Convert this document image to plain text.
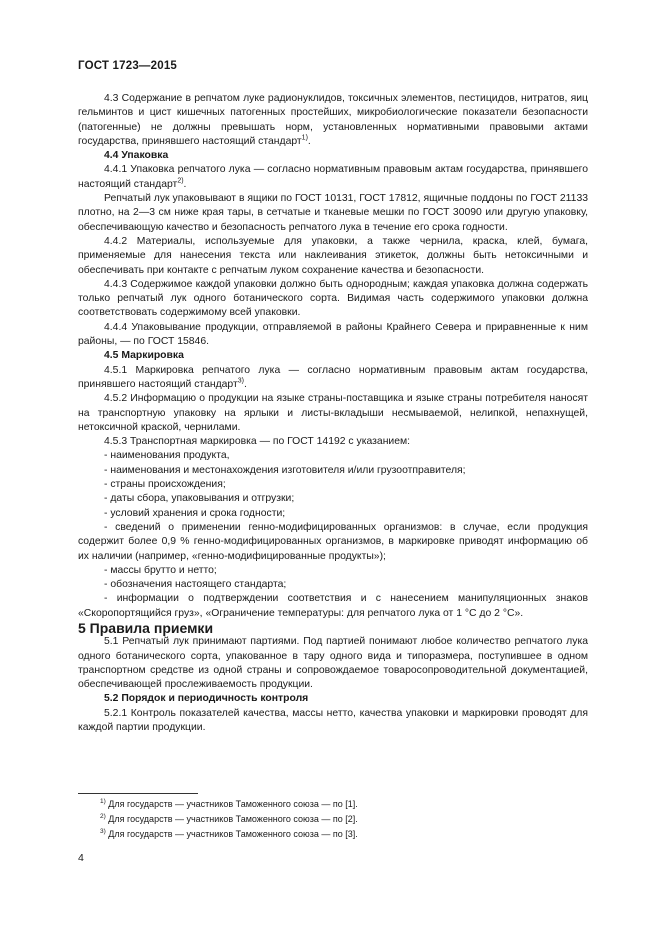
ГОСТ 1723—2015

4.3 Содержание в репчатом луке радионуклидов, токсичных элементов, пестицидов, нитратов, яиц гельминтов и цист кишечных патогенных простейших, микробиологические показатели безопасности (патогенные) не должны превышать норм, установленных нормативными правовыми актами государства, принявшего настоящий стандарт$^{1)}$.

4.4 Упаковка

4.4.1 Упаковка репчатого лука — согласно нормативным правовым актам государства, принявшего настоящий стандарт$^{2)}$.

Репчатый лук упаковывают в ящики по ГОСТ 10131, ГОСТ 17812, ящичные поддоны по ГОСТ 21133 плотно, на 2—3 см ниже края тары, в сетчатые и тканевые мешки по ГОСТ 30090 или другую упаковку, обеспечивающую качество и безопасность репчатого лука в течение его срока годности.

4.4.2 Материалы, используемые для упаковки, а также чернила, краска, клей, бумага, применяемые для нанесения текста или наклеивания этикеток, должны быть нетоксичными и обеспечивать при контакте с репчатым луком сохранение качества и безопасности.

4.4.3 Содержимое каждой упаковки должно быть однородным; каждая упаковка должна содержать только репчатый лук одного ботанического сорта. Видимая часть содержимого упаковки должна соответствовать содержимому всей упаковки.

4.4.4 Упаковывание продукции, отправляемой в районы Крайнего Севера и приравненные к ним районы, — по ГОСТ 15846.

4.5 Маркировка

4.5.1 Маркировка репчатого лука — согласно нормативным правовым актам государства, принявшего настоящий стандарт$^{3)}$.

4.5.2 Информацию о продукции на языке страны-поставщика и языке страны потребителя наносят на транспортную упаковку на ярлыки и листы-вкладыши несмываемой, нелипкой, непахнущей, нетоксичной краской, чернилами.

4.5.3 Транспортная маркировка — по ГОСТ 14192 с указанием:

- наименования продукта,

- наименования и местонахождения изготовителя и/или грузоотправителя;

- страны происхождения;

- даты сбора, упаковывания и отгрузки;

- условий хранения и срока годности;

- сведений о применении генно-модифицированных организмов: в случае, если продукция содержит более 0,9 % генно-модифицированных организмов, в маркировке приводят информацию об их наличии (например, «генно-модифицированные продукты»);

- массы брутто и нетто;

- обозначения настоящего стандарта;

- информации о подтверждении соответствия и с нанесением манипуляционных знаков «Скоропортящийся груз», «Ограничение температуры: для репчатого лука от 1 °С до 2 °С».

5 Правила приемки

5.1 Репчатый лук принимают партиями. Под партией понимают любое количество репчатого лука одного ботанического сорта, упакованное в тару одного вида и типоразмера, поступившее в одном транспортном средстве из одной страны и сопровождаемое товаросопроводительной документацией, обеспечивающей прослеживаемость продукции.

5.2 Порядок и периодичность контроля

5.2.1 Контроль показателей качества, массы нетто, качества упаковки и маркировки проводят для каждой партии продукции.

$^{1)}$ Для государств — участников Таможенного союза — по [1].
$^{2)}$ Для государств — участников Таможенного союза — по [2].
$^{3)}$ Для государств — участников Таможенного союза — по [3].
4
